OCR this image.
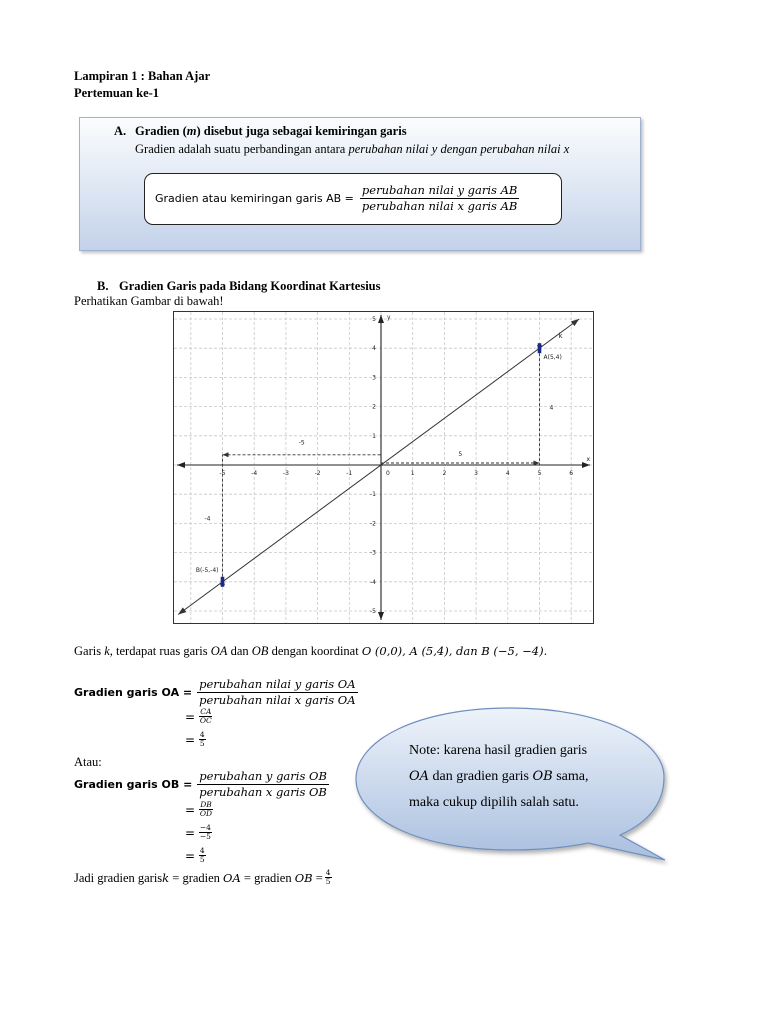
Lampiran 1 : Bahan Ajar
Pertemuan ke-1
A. Gradien (m) disebut juga sebagai kemiringan garis
Gradien adalah suatu perbandingan antara perubahan nilai y dengan perubahan nilai x
Gradien atau kemiringan garis AB = $\frac{\text{perubahan nilai y garis AB}}{\text{perubahan nilai x garis AB}}$
B. Gradien Garis pada Bidang Koordinat Kartesius
Perhatikan Gambar di bawah!
x
y
-5	-4	-3	-2	-1	1	2	3	4	5	6
5
4
3
2
1
-1
-2
-3
-4
-5
0
k
5
4
-5
-4
A(5,4)
B(-5,-4)
Garis k, terdapat ruas garis OA dan OB dengan koordinat O (0,0), A (5,4), dan B (−5, −4).
Gradien garis OA = $\frac{\text{perubahan nilai y garis OA}}{\text{perubahan nilai x garis OA}}$
= $\frac{CA}{OC}$
= $\frac{4}{5}$
Atau:
Gradien garis OB = $\frac{\text{perubahan y garis OB}}{\text{perubahan x garis OB}}$
= $\frac{DB}{OD}$
= $\frac{-4}{-5}$
= $\frac{4}{5}$
Jadi gradien garis k = gradien OA = gradien OB = $\frac{4}{5}$
Note: karena hasil gradien garis
OA dan gradien garis OB sama,
maka cukup dipilih salah satu.
